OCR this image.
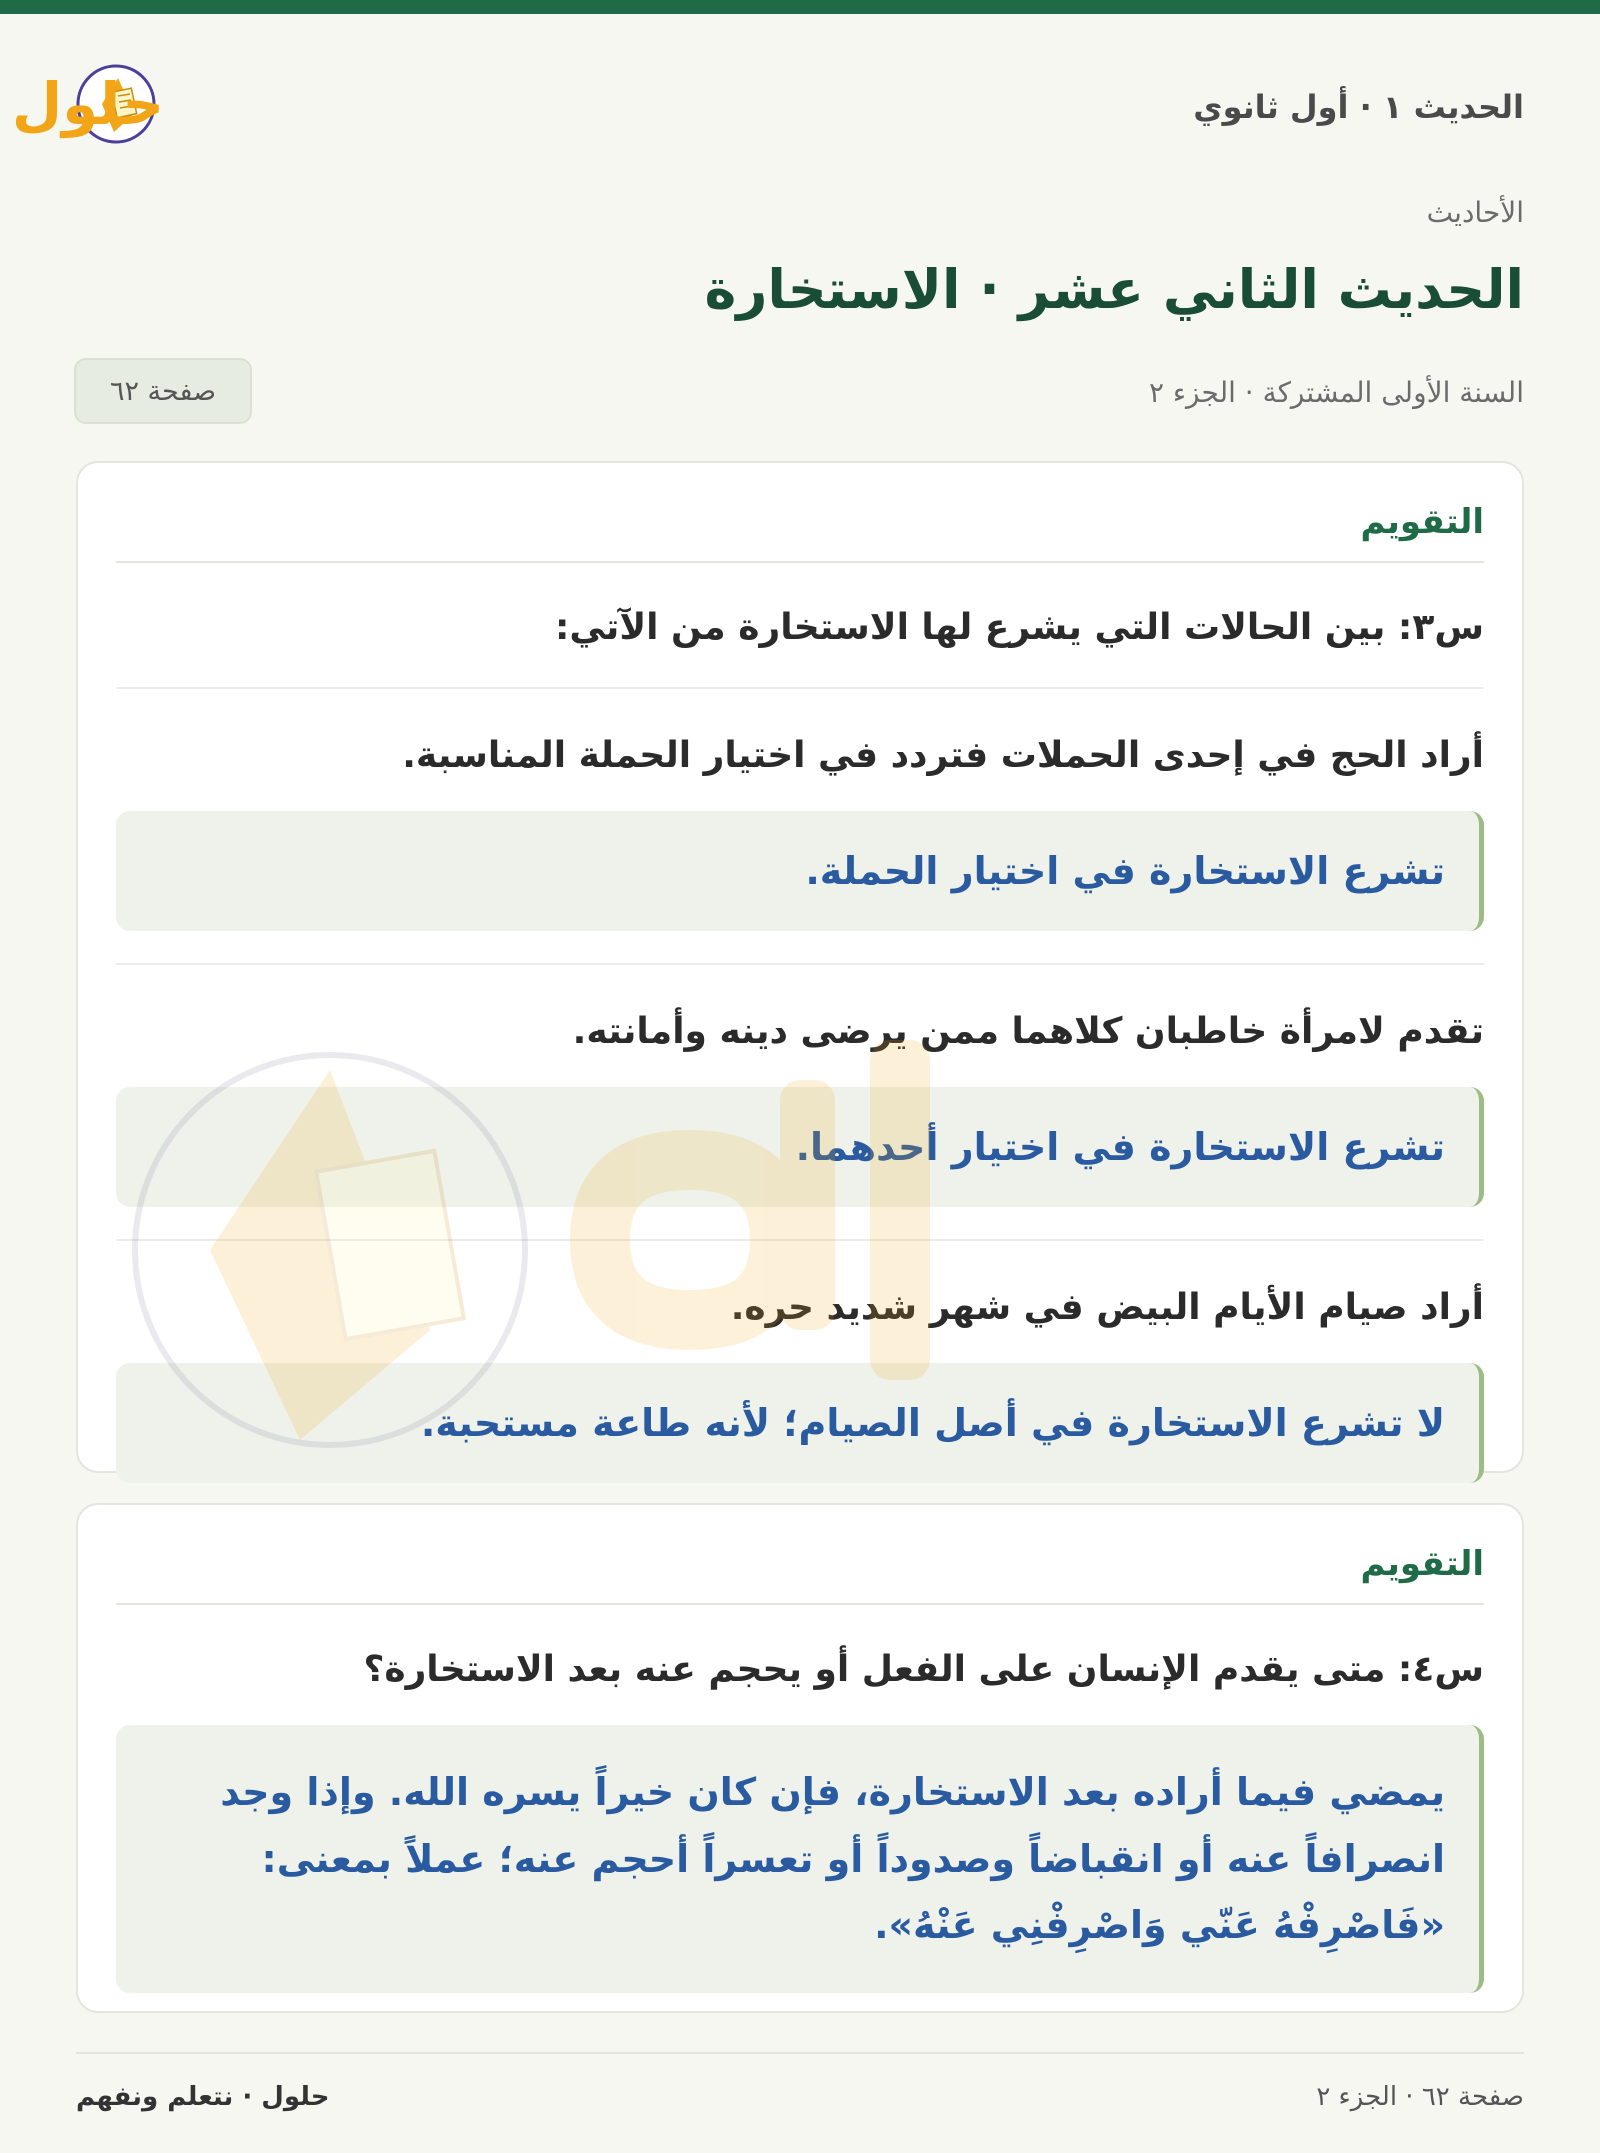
الحديث ١ · أول ثانوي
حلول
الأحاديث
الحديث الثاني عشر · الاستخارة
السنة الأولى المشتركة · الجزء ٢
صفحة ٦٢
التقويم
س٣: بين الحالات التي يشرع لها الاستخارة من الآتي:
أراد الحج في إحدى الحملات فتردد في اختيار الحملة المناسبة.
تشرع الاستخارة في اختيار الحملة.
تقدم لامرأة خاطبان كلاهما ممن يرضى دينه وأمانته.
تشرع الاستخارة في اختيار أحدهما.
أراد صيام الأيام البيض في شهر شديد حره.
لا تشرع الاستخارة في أصل الصيام؛ لأنه طاعة مستحبة.
التقويم
س٤: متى يقدم الإنسان على الفعل أو يحجم عنه بعد الاستخارة؟
يمضي فيما أراده بعد الاستخارة، فإن كان خيراً يسره الله. وإذا وجد انصرافاً عنه أو انقباضاً وصدوداً أو تعسراً أحجم عنه؛ عملاً بمعنى: «فَاصْرِفْهُ عَنّي وَاصْرِفْنِي عَنْهُ».
صفحة ٦٢ · الجزء ٢
حلول · نتعلم ونفهم
